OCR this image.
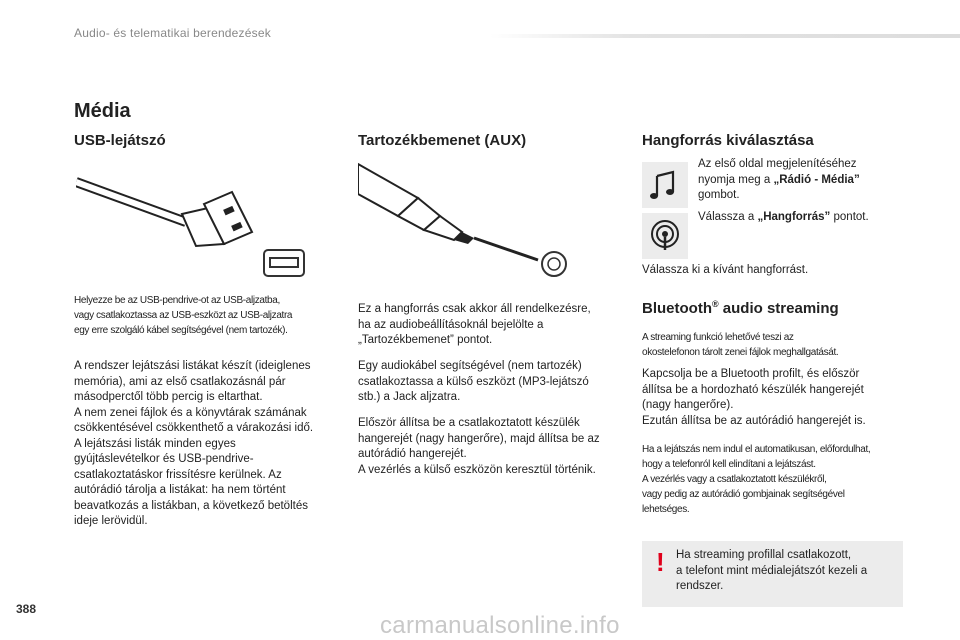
Audio- és telematikai berendezések
Média
USB-lejátszó
Helyezze be az USB-pendrive-ot az USB-aljzatba,
vagy csatlakoztassa az USB-eszközt az USB-aljzatra
egy erre szolgáló kábel segítségével (nem tartozék).
A rendszer lejátszási listákat készít (ideiglenes
memória), ami az első csatlakozásnál pár
másodperctől több percig is eltarthat.
A nem zenei fájlok és a könyvtárak számának
csökkentésével csökkenthető a várakozási idő.
A lejátszási listák minden egyes
gyújtáslevételkor és USB-pendrive-
csatlakoztatáskor frissítésre kerülnek. Az
autórádió tárolja a listákat: ha nem történt
beavatkozás a listákban, a következő betöltés
ideje lerövidül.
Tartozékbemenet (AUX)
Ez a hangforrás csak akkor áll rendelkezésre,
ha az audiobeállításoknál bejelölte a
„Tartozékbemenet” pontot.
Egy audiokábel segítségével (nem tartozék)
csatlakoztassa a külső eszközt (MP3-lejátszó
stb.) a Jack aljzatra.
Először állítsa be a csatlakoztatott készülék
hangerejét (nagy hangerőre), majd állítsa be az
autórádió hangerejét.
A vezérlés a külső eszközön keresztül történik.
Hangforrás kiválasztása
Az első oldal megjelenítéséhez
nyomja meg a „Rádió - Média”
gombot.
Válassza a „Hangforrás” pontot.
Válassza ki a kívánt hangforrást.
Bluetooth® audio streaming
A streaming funkció lehetővé teszi az
okostelefonon tárolt zenei fájlok meghallgatását.
Kapcsolja be a Bluetooth profilt, és először
állítsa be a hordozható készülék hangerejét
(nagy hangerőre).
Ezután állítsa be az autórádió hangerejét is.
Ha a lejátszás nem indul el automatikusan, előfordulhat,
hogy a telefonról kell elindítani a lejátszást.
A vezérlés vagy a csatlakoztatott készülékről,
vagy pedig az autórádió gombjainak segítségével
lehetséges.
! Ha streaming profillal csatlakozott,
a telefont mint médialejátszót kezeli a
rendszer.
388
carmanualsonline.info
